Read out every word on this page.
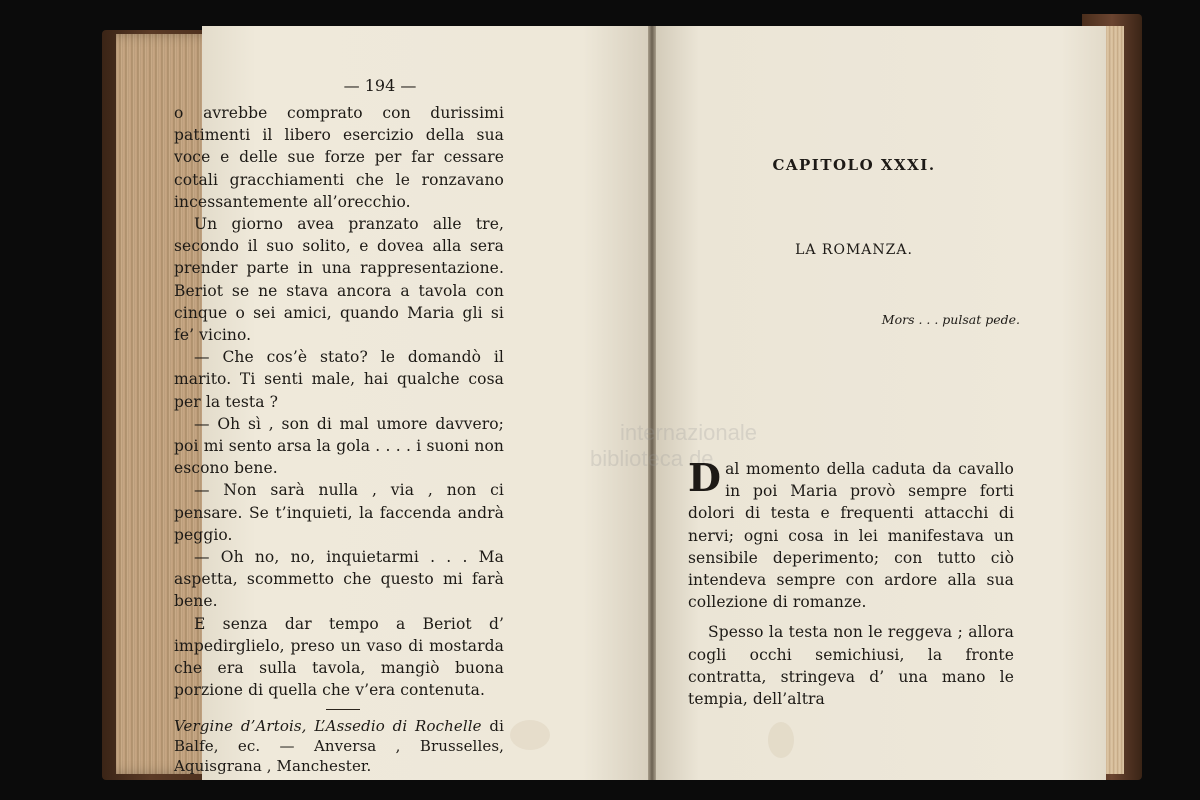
internazionale
biblioteca de
— 194 —

o avrebbe comprato con durissimi patimenti il libero esercizio della sua voce e delle sue forze per far cessare cotali gracchiamenti che le ronzavano incessantemente all’orecchio.

Un giorno avea pranzato alle tre, secondo il suo solito, e dovea alla sera prender parte in una rappresentazione. Beriot se ne stava ancora a tavola con cinque o sei amici, quando Maria gli si fe’ vicino.

— Che cos’è stato? le domandò il marito. Ti senti male, hai qualche cosa per la testa ?

— Oh sì , son di mal umore davvero; poi mi sento arsa la gola . . . . i suoni non escono bene.

— Non sarà nulla , via , non ci pensare. Se t’inquieti, la faccenda andrà peggio.

— Oh no, no, inquietarmi . . . Ma aspetta, scommetto che questo mi farà bene.

E senza dar tempo a Beriot d’ impedirglielo, preso un vaso di mostarda che era sulla tavola, mangiò buona porzione di quella che v’era contenuta.

Vergine d’Artois, L’Assedio di Rochelle di Balfe, ec. — Anversa , Brusselles, Aquisgrana , Manchester.

CAPITOLO XXXI.
LA ROMANZA.
Mors . . . pulsat pede.

Dal momento della caduta da cavallo in poi Maria provò sempre forti dolori di testa e frequenti attacchi di nervi; ogni cosa in lei manifestava un sensibile deperimento; con tutto ciò intendeva sempre con ardore alla sua collezione di romanze.

Spesso la testa non le reggeva ; allora cogli occhi semichiusi, la fronte contratta, stringeva d’ una mano le tempia, dell’altra
